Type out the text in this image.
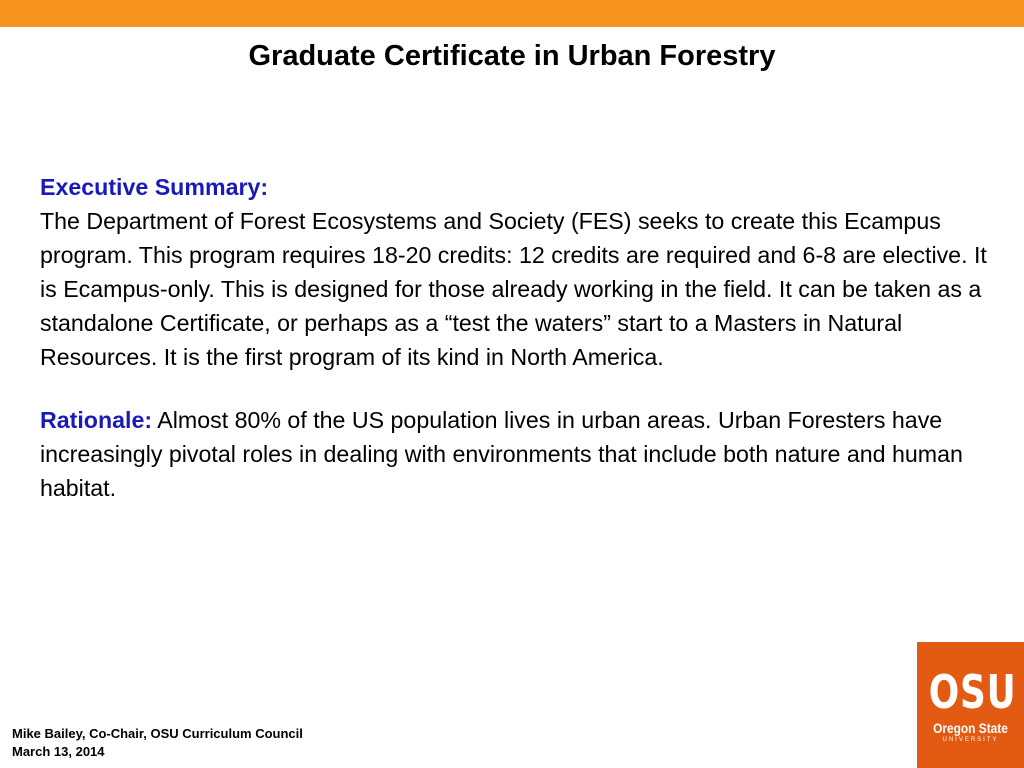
Graduate Certificate in Urban Forestry

Executive Summary:
The Department of Forest Ecosystems and Society (FES) seeks to create this Ecampus program. This program requires 18-20 credits: 12 credits are required and 6-8 are elective. It is Ecampus-only. This is designed for those already working in the field. It can be taken as a standalone Certificate, or perhaps as a “test the waters” start to a Masters in Natural Resources. It is the first program of its kind in North America.

Rationale: Almost 80% of the US population lives in urban areas. Urban Foresters have increasingly pivotal roles in dealing with environments that include both nature and human habitat.

Mike Bailey, Co-Chair, OSU Curriculum Council
March 13, 2014
OSU
Oregon State
UNIVERSITY
